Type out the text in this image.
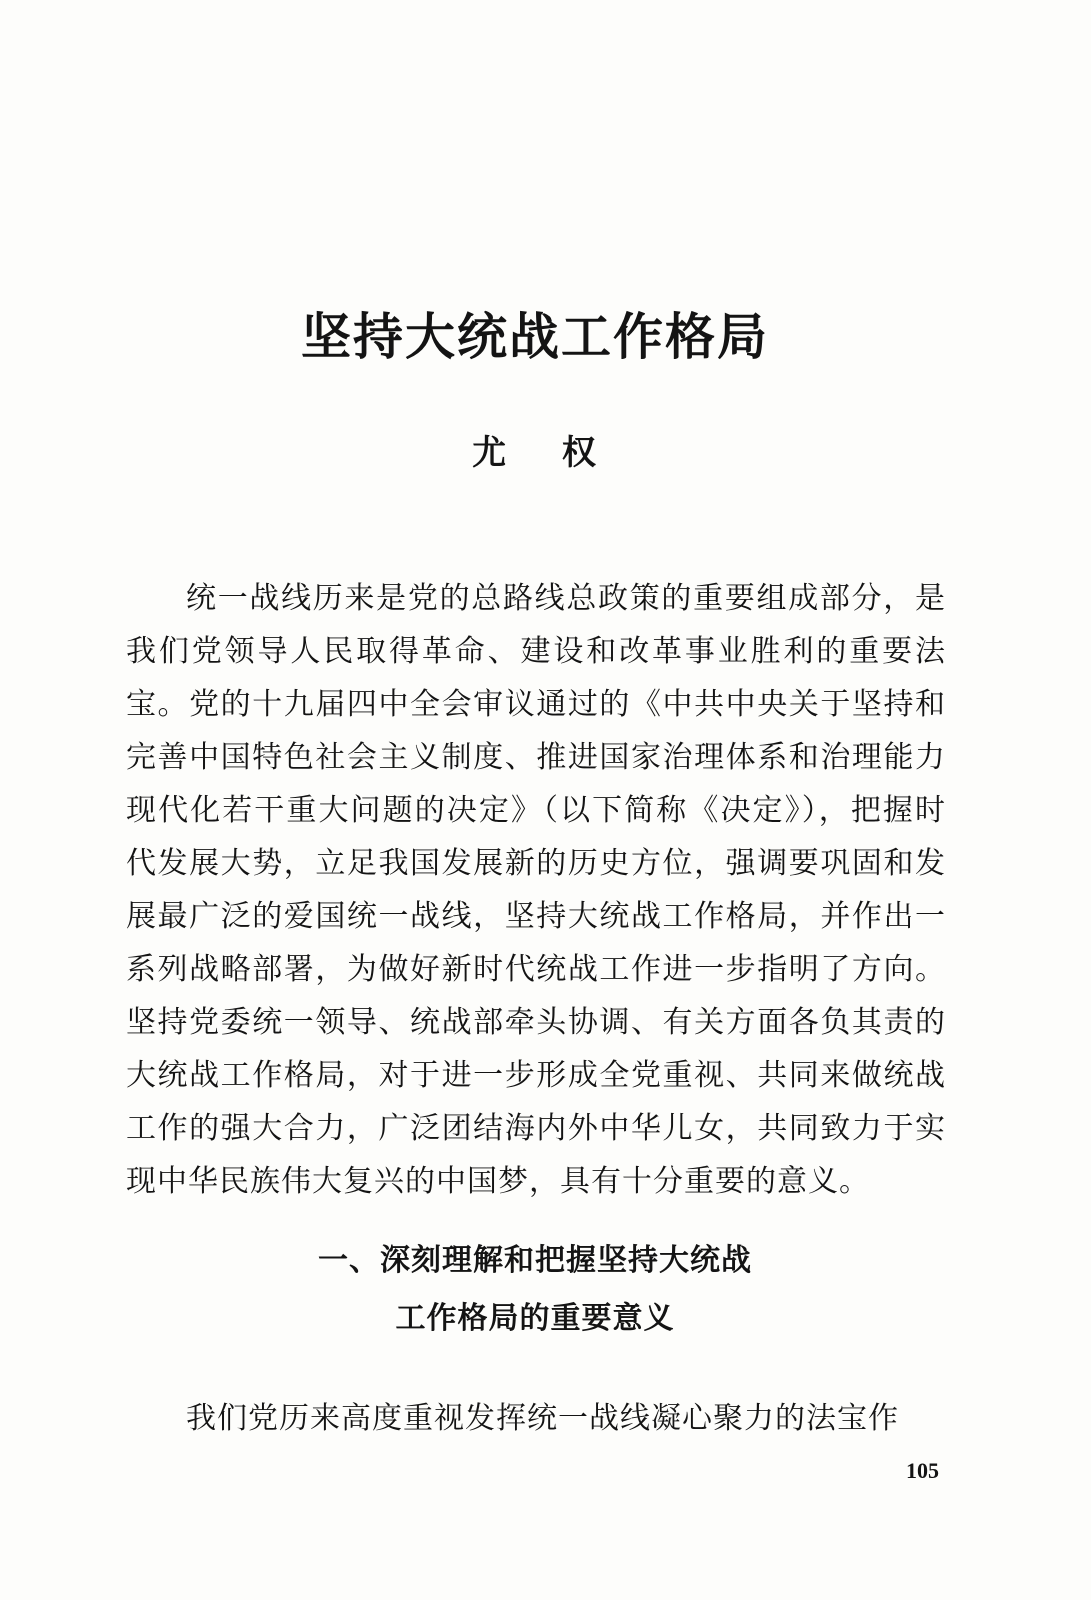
坚持大统战工作格局
尤 权

统一战线历来是党的总路线总政策的重要组成部分，是我们党领导人民取得革命、建设和改革事业胜利的重要法宝。党的十九届四中全会审议通过的《中共中央关于坚持和完善中国特色社会主义制度、推进国家治理体系和治理能力现代化若干重大问题的决定》（以下简称《决定》），把握时代发展大势，立足我国发展新的历史方位，强调要巩固和发展最广泛的爱国统一战线，坚持大统战工作格局，并作出一系列战略部署，为做好新时代统战工作进一步指明了方向。坚持党委统一领导、统战部牵头协调、有关方面各负其责的大统战工作格局，对于进一步形成全党重视、共同来做统战工作的强大合力，广泛团结海内外中华儿女，共同致力于实现中华民族伟大复兴的中国梦，具有十分重要的意义。

一、深刻理解和把握坚持大统战
工作格局的重要意义

我们党历来高度重视发挥统一战线凝心聚力的法宝作

105
